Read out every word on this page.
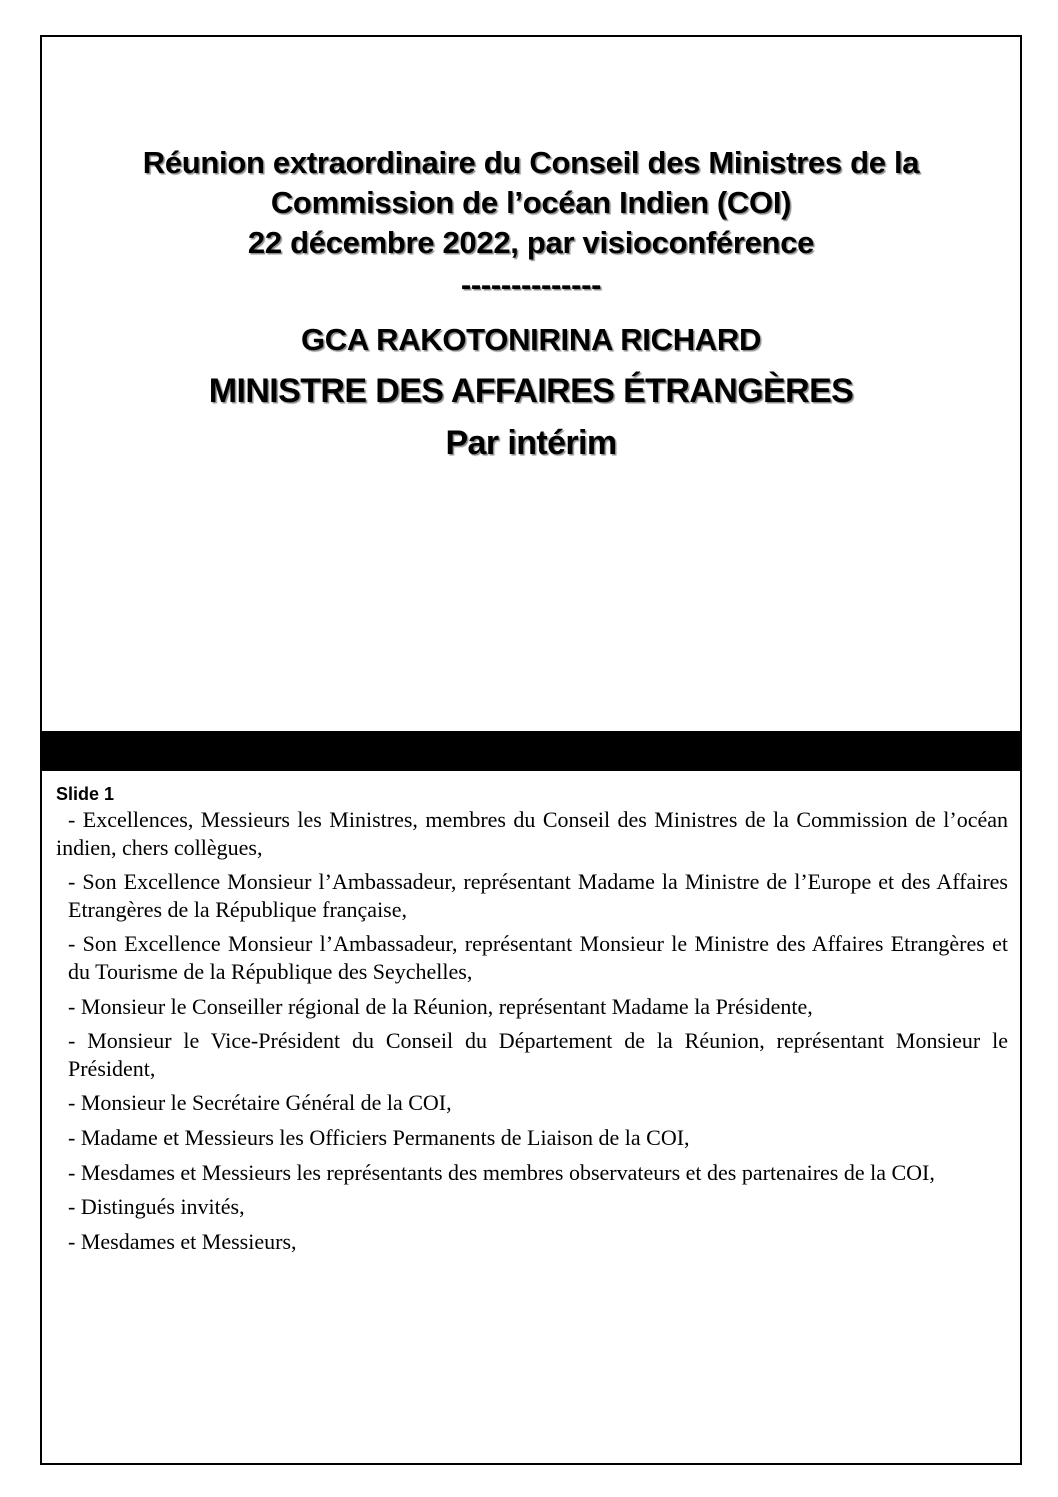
Réunion extraordinaire du Conseil des Ministres de la
Commission de l’océan Indien (COI)
22 décembre 2022, par visioconférence
--------------
GCA RAKOTONIRINA RICHARD
MINISTRE DES AFFAIRES ÉTRANGÈRES
Par intérim
Slide 1

- Excellences, Messieurs les Ministres, membres du Conseil des Ministres de la Commission de l’océan indien, chers collègues,

- Son Excellence Monsieur l’Ambassadeur, représentant Madame la Ministre de l’Europe et des Affaires Etrangères de la République française,

- Son Excellence Monsieur l’Ambassadeur, représentant Monsieur le Ministre des Affaires Etrangères et du Tourisme de la République des Seychelles,

- Monsieur le Conseiller régional de la Réunion, représentant Madame la Présidente,

- Monsieur le Vice-Président du Conseil du Département de la Réunion, représentant Monsieur le Président,

- Monsieur le Secrétaire Général de la COI,

- Madame et Messieurs les Officiers Permanents de Liaison de la COI,

- Mesdames et Messieurs les représentants des membres observateurs et des partenaires de la COI,

- Distingués invités,

- Mesdames et Messieurs,
